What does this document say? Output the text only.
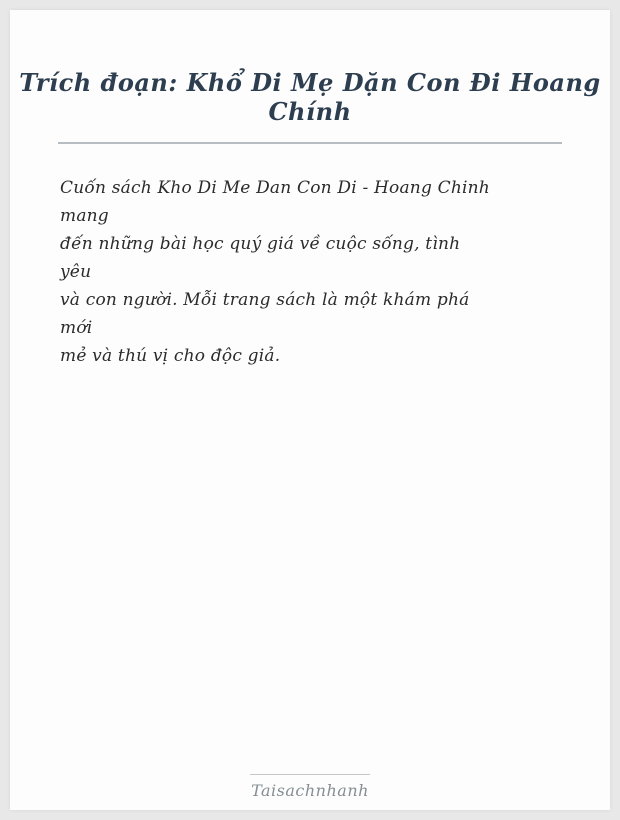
Trích đoạn: Khổ Di Mẹ Dặn Con Đi Hoang Chính

Cuốn sách Kho Di Me Dan Con Di - Hoang Chinh

mang

đến những bài học quý giá về cuộc sống, tình

yêu

và con người. Mỗi trang sách là một khám phá

mới

mẻ và thú vị cho độc giả.

Taisachnhanh
